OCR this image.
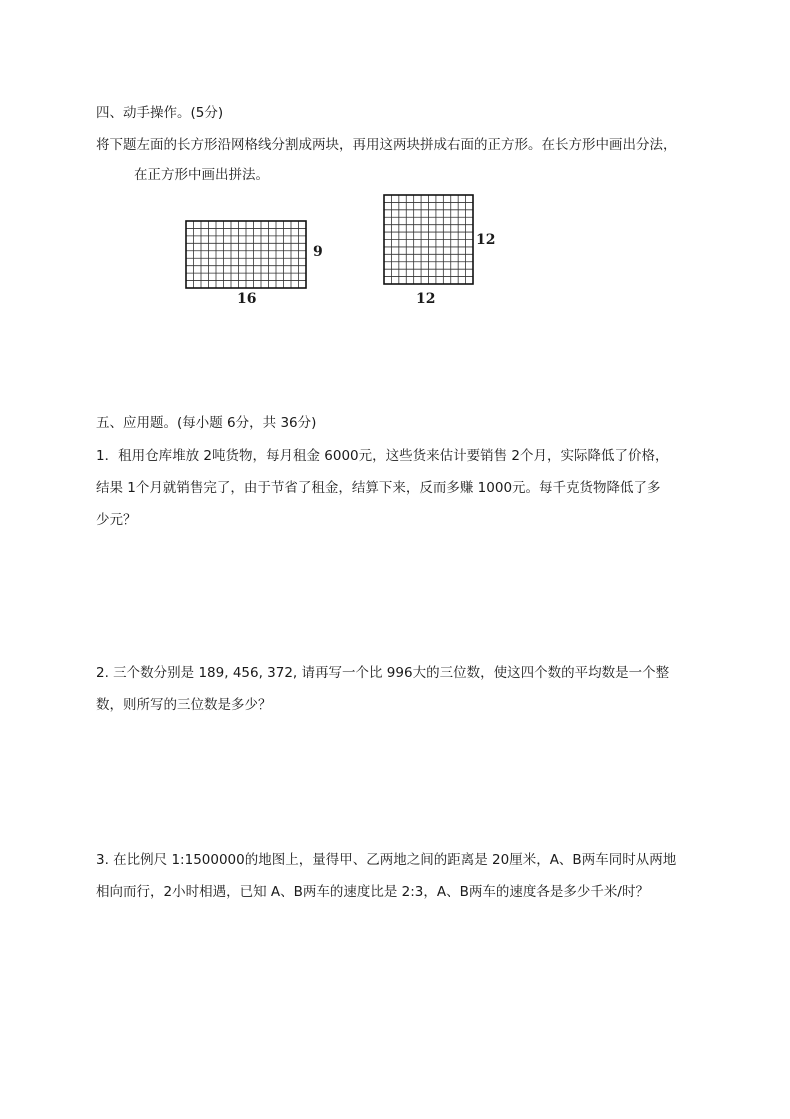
四、动手操作。(5分)
将下题左面的长方形沿网格线分割成两块，再用这两块拼成右面的正方形。在长方形中画出分法，
在正方形中画出拼法。
9
16
12
12
五、应用题。(每小题 6分，共 36分)
1．租用仓库堆放 2吨货物，每月租金 6000元，这些货来估计要销售 2个月，实际降低了价格，
结果 1个月就销售完了，由于节省了租金，结算下来，反而多赚 1000元。每千克货物降低了多
少元？
2. 三个数分别是 189, 456, 372, 请再写一个比 996大的三位数，使这四个数的平均数是一个整
数，则所写的三位数是多少？
3. 在比例尺 1:1500000的地图上，量得甲、乙两地之间的距离是 20厘米，A、B两车同时从两地
相向而行，2小时相遇，已知 A、B两车的速度比是 2:3，A、B两车的速度各是多少千米/时？
